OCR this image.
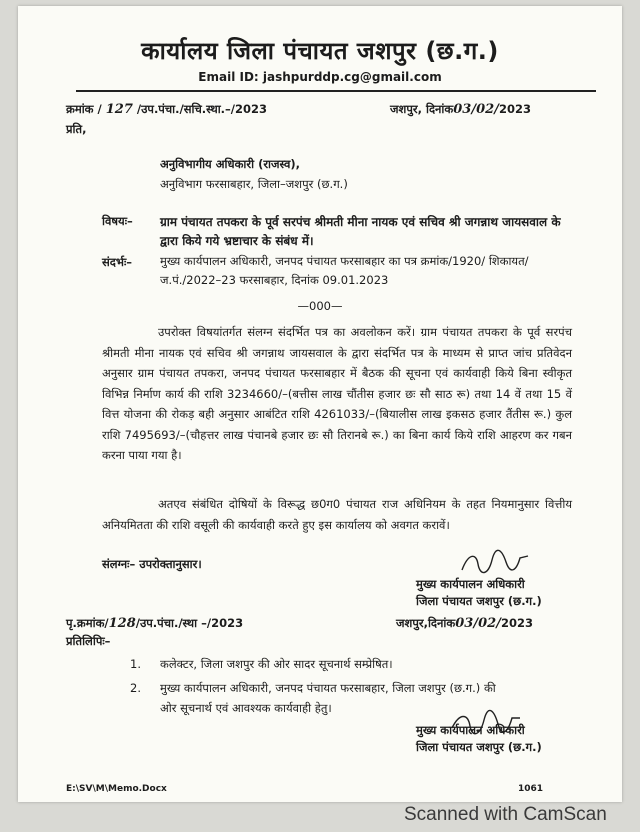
कार्यालय जिला पंचायत जशपुर (छ.ग.)
Email ID: jashpurddp.cg@gmail.com
क्रमांक / 127 /उप.पंचा./सचि.स्था.–/2023	जशपुर, दिनांक03/02/2023
प्रति,
अनुविभागीय अधिकारी (राजस्व),
अनुविभाग फरसाबहार, जिला–जशपुर (छ.ग.)
विषयः– ग्राम पंचायत तपकरा के पूर्व सरपंच श्रीमती मीना नायक एवं सचिव श्री जगन्नाथ जायसवाल के द्वारा किये गये भ्रष्टाचार के संबंध में।
संदर्भः– मुख्य कार्यपालन अधिकारी, जनपद पंचायत फरसाबहार का पत्र क्रमांक/1920/ शिकायत/ज.पं./2022–23 फरसाबहार, दिनांक 09.01.2023
—000—
उपरोक्त विषयांतर्गत संलग्न संदर्भित पत्र का अवलोकन करें। ग्राम पंचायत तपकरा के पूर्व सरपंच श्रीमती मीना नायक एवं सचिव श्री जगन्नाथ जायसवाल के द्वारा संदर्भित पत्र के माध्यम से प्राप्त जांच प्रतिवेदन अनुसार ग्राम पंचायत तपकरा, जनपद पंचायत फरसाबहार में बैठक की सूचना एवं कार्यवाही किये बिना स्वीकृत विभिन्न निर्माण कार्य की राशि 3234660/–(बत्तीस लाख चौंतीस हजार छः सौ साठ रू) तथा 14 वें तथा 15 वें वित्त योजना की रोकड़ बही अनुसार आबंटित राशि 4261033/–(बियालीस लाख इकसठ हजार तैंतीस रू.) कुल राशि 7495693/–(चौहत्तर लाख पंचानबे हजार छः सौ तिरानबे रू.) का बिना कार्य किये राशि आहरण कर गबन करना पाया गया है।
अतएव संबंधित दोषियों के विरूद्ध छ0ग0 पंचायत राज अधिनियम के तहत नियमानुसार वित्तीय अनियमितता की राशि वसूली की कार्यवाही करते हुए इस कार्यालय को अवगत करावें।
संलग्नः– उपरोक्तानुसार।
मुख्य कार्यपालन अधिकारी
जिला पंचायत जशपुर (छ.ग.)
पृ.क्रमांक/128/उप.पंचा./स्था –/2023	जशपुर,दिनांक03/02/2023
प्रतिलिपिः–
1. कलेक्टर, जिला जशपुर की ओर सादर सूचनार्थ सम्प्रेषित।
2. मुख्य कार्यपालन अधिकारी, जनपद पंचायत फरसाबहार, जिला जशपुर (छ.ग.) की
ओर सूचनार्थ एवं आवश्यक कार्यवाही हेतु।
मुख्य कार्यपालन अधिकारी
जिला पंचायत जशपुर (छ.ग.)
E:\SV\M\Memo.Docx	1061
Scanned with CamScan
